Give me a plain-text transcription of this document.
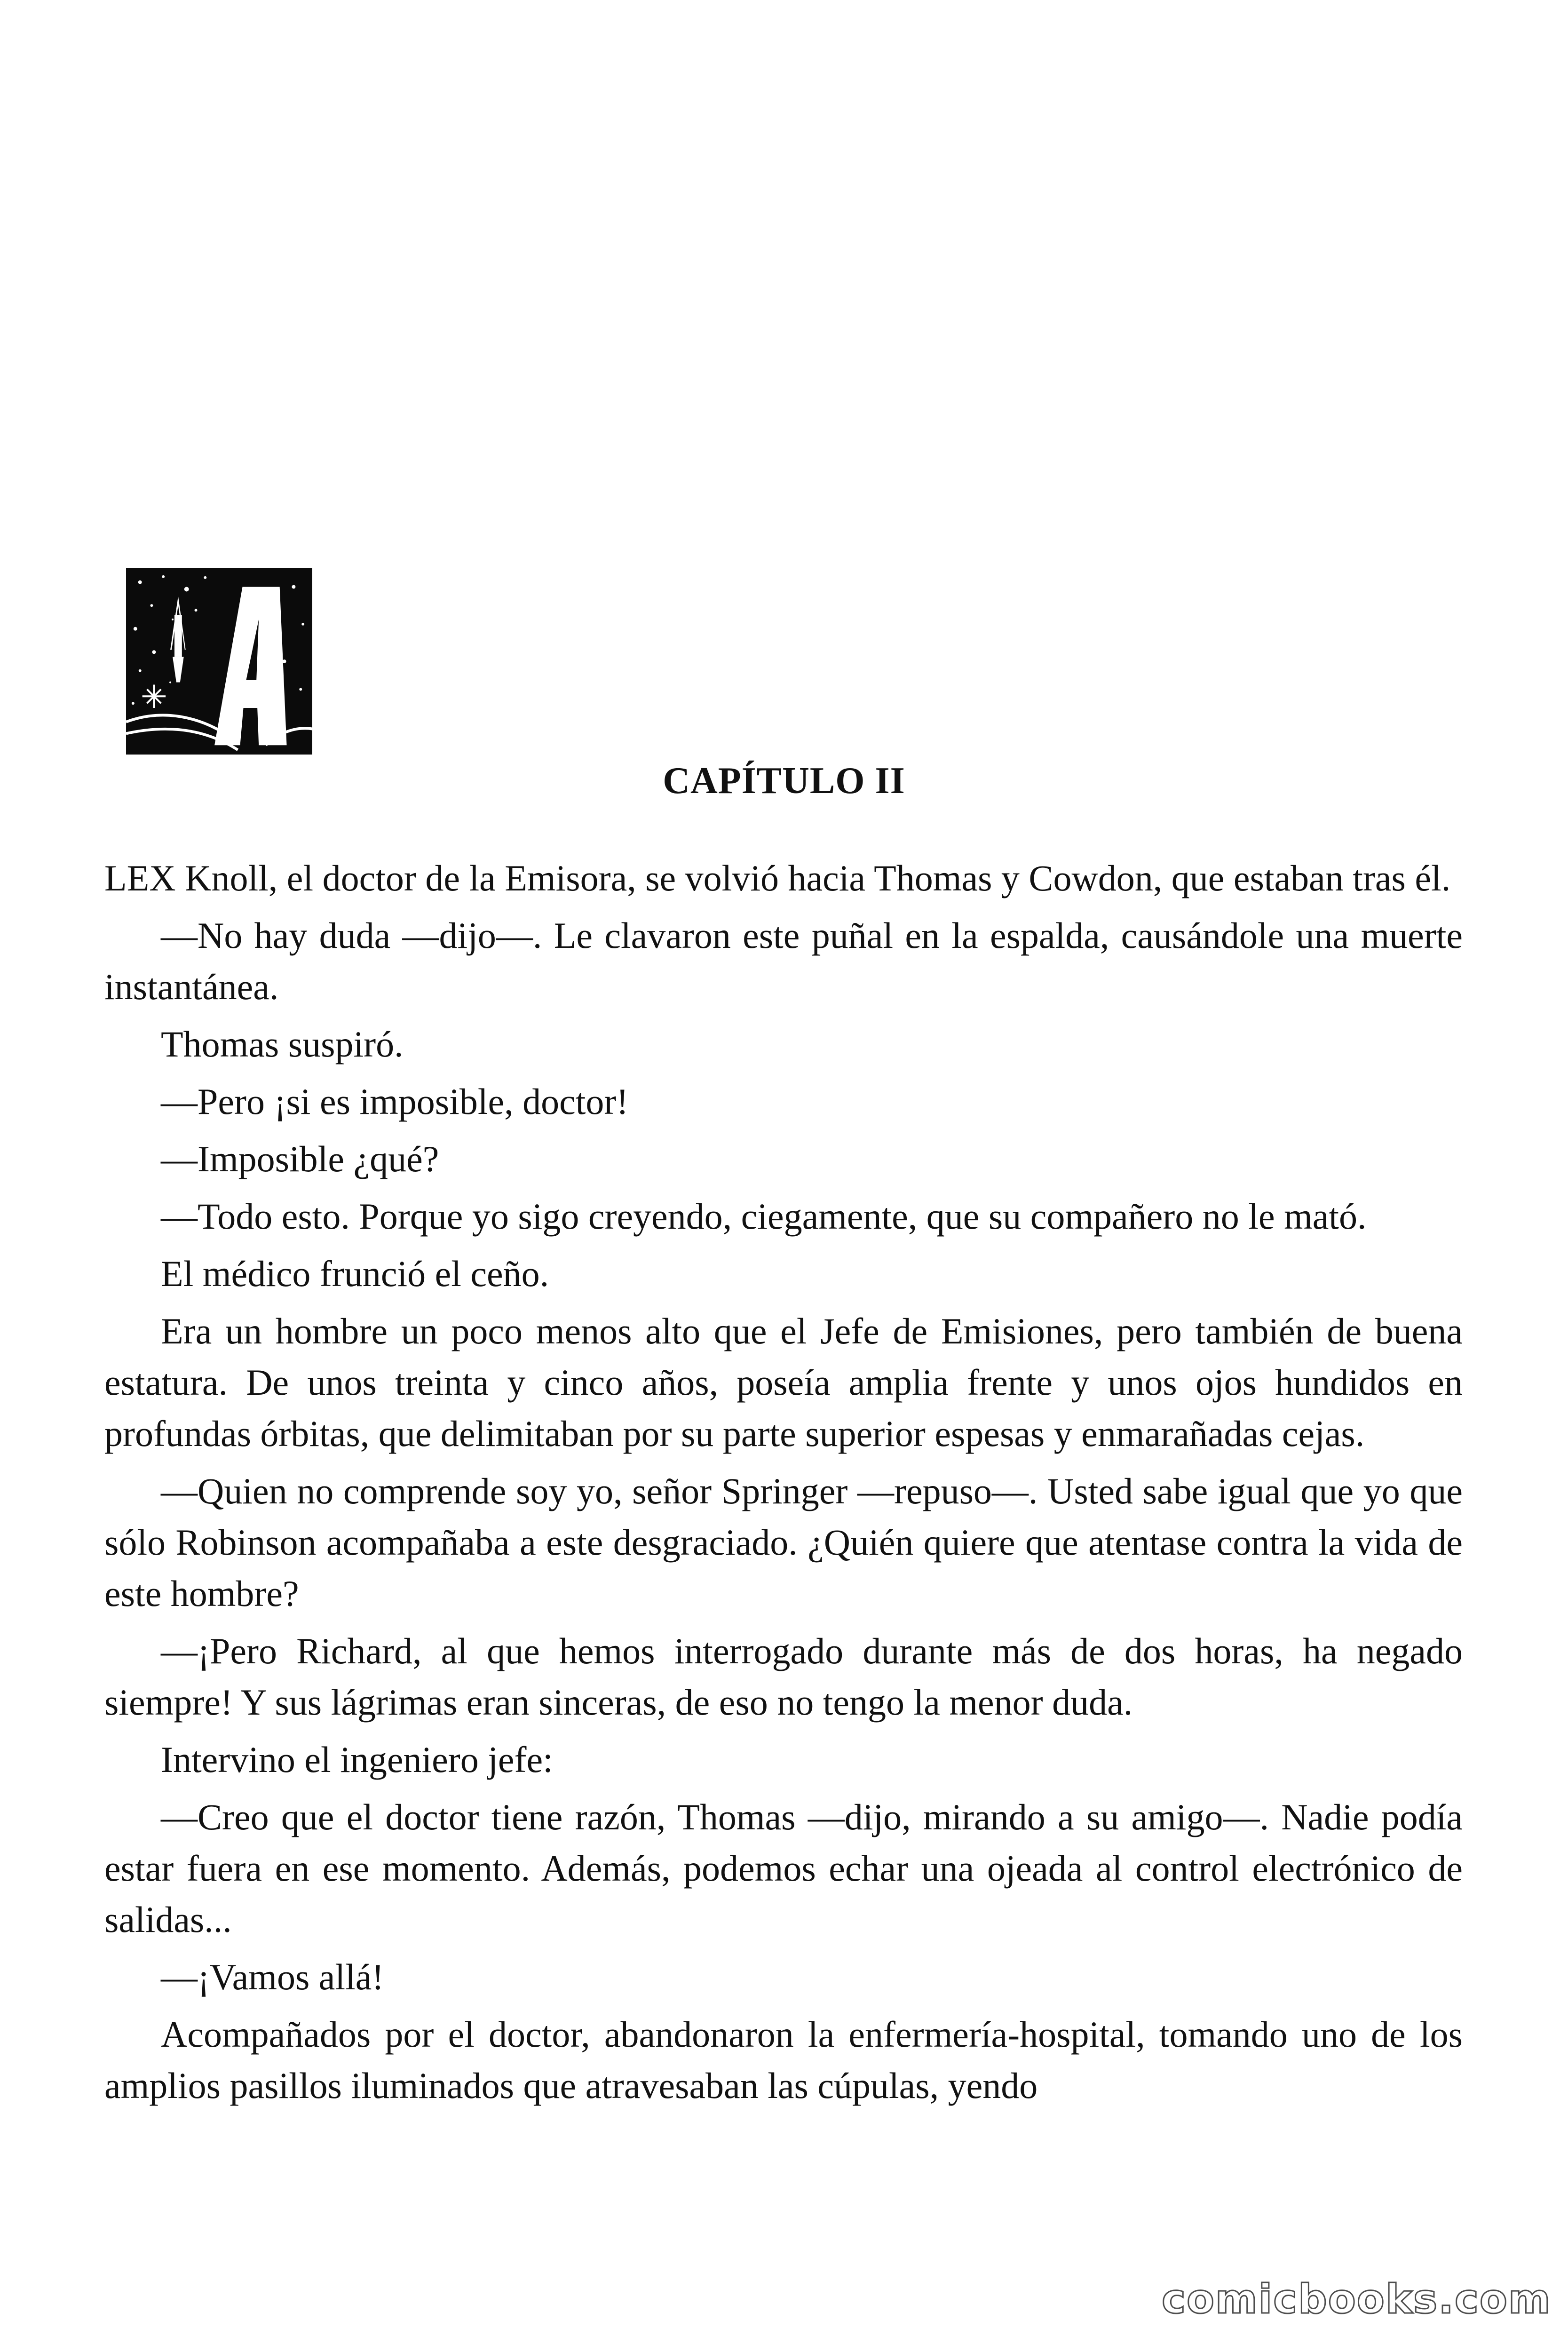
CAPÍTULO II

LEX Knoll, el doctor de la Emisora, se volvió hacia Thomas y Cowdon, que estaban tras él.

—No hay duda —dijo—. Le clavaron este puñal en la espalda, causándole una muerte instantánea.

Thomas suspiró.

—Pero ¡si es imposible, doctor!

—Imposible ¿qué?

—Todo esto. Porque yo sigo creyendo, ciegamente, que su compañero no le mató.

El médico frunció el ceño.

Era un hombre un poco menos alto que el Jefe de Emisiones, pero también de buena estatura. De unos treinta y cinco años, poseía amplia frente y unos ojos hundidos en profundas órbitas, que delimitaban por su parte superior espesas y enmarañadas cejas.

—Quien no comprende soy yo, señor Springer —repuso—. Usted sabe igual que yo que sólo Robinson acompañaba a este desgraciado. ¿Quién quiere que atentase contra la vida de este hombre?

—¡Pero Richard, al que hemos interrogado durante más de dos horas, ha negado siempre! Y sus lágrimas eran sinceras, de eso no tengo la menor duda.

Intervino el ingeniero jefe:

—Creo que el doctor tiene razón, Thomas —dijo, mirando a su amigo—. Nadie podía estar fuera en ese momento. Además, podemos echar una ojeada al control electrónico de salidas...

—¡Vamos allá!

Acompañados por el doctor, abandonaron la enfermería-hospital, tomando uno de los amplios pasillos iluminados que atravesaban las cúpulas, yendo

comicbooks.com
